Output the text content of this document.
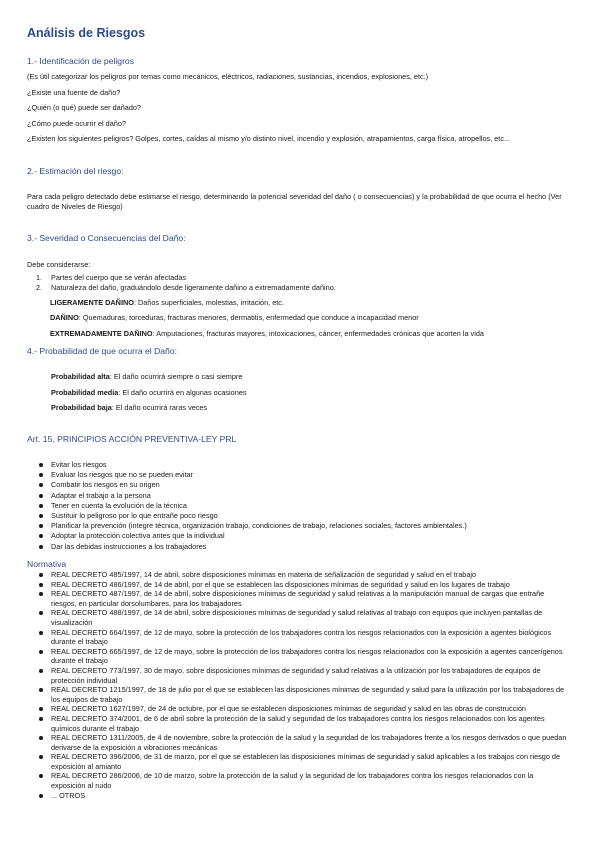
Análisis de Riesgos
1.- Identificación de peligros
(Es útil categorizar los peligros por temas como mecánicos, eléctricos, radiaciones, sustancias, incendios, explosiones, etc.)
¿Existe una fuente de daño?
¿Quién (o qué) puede ser dañado?
¿Cómo puede ocurrir el daño?
¿Existen los siguientes peligros? Golpes, cortes, caídas al mismo y/o distinto nivel, incendio y explosión, atrapamientos, carga física, atropellos, etc...
2.- Estimación del riesgo:
Para cada peligro detectado debe estimarse el riesgo, determinando la potencial severidad del daño ( o consecuencias) y la probabilidad de que ocurra el hecho (Ver cuadro de Niveles de Riesgo)
3.- Severidad o Consecuencias del Daño:
Debe considerarse:
1.	Partes del cuerpo que se verán afectadas
2.	Naturaleza del daño, graduándolo desde ligeramente dañino a extremadamente dañino.
LIGERAMENTE DAÑINO: Daños superficiales, molestias, irritación, etc.
DAÑINO: Quemaduras, torceduras, fracturas menores, dermatitis, enfermedad que conduce a incapacidad menor
EXTREMADAMENTE DAÑINO: Amputaciones, fracturas mayores, intoxicaciones, cáncer, enfermedades crónicas que acorten la vida
4.- Probabilidad de que ocurra el Daño:
Probabilidad alta: El daño ocurrirá siempre o casi siempre
Probabilidad media: El daño ocurrirá en algunas ocasiones
Probabilidad baja: El daño ocurrirá raras veces
Art. 15. PRINCIPIOS ACCIÓN PREVENTIVA-LEY PRL
Evitar los riesgos
Evaluar los riesgos que no se pueden evitar
Combatir los riesgos en su origen
Adaptar el trabajo a la persona
Tener en cuenta la evolución de la técnica
Sustituir lo peligroso por lo que entrañe poco riesgo
Planificar la prevención (integre técnica, organización trabajo, condiciones de trabajo, relaciones sociales, factores ambientales.)
Adoptar la protección colectiva antes que la individual
Dar las debidas instrucciones a los trabajadores
Normativa
REAL DECRETO 485/1997, 14 de abril, sobre disposiciones mínimas en materia de señalización de seguridad y salud en el trabajo
REAL DECRETO 486/1997, de 14 de abril, por el que se establecen las disposiciones mínimas de seguridad y salud en los lugares de trabajo
REAL DECRETO 487/1997, de 14 de abril, sobre disposiciones mínimas de seguridad y salud relativas a la manipulación manual de cargas que entrañe riesgos, en particular dorsolumbares, para los trabajadores
REAL DECRETO 488/1997, de 14 de abril, sobre disposiciones mínimas de seguridad y salud relativas al trabajo con equipos que incluyen pantallas de visualización
REAL DECRETO 664/1997, de 12 de mayo, sobre la protección de los trabajadores contra los riesgos relacionados con la exposición a agentes biológicos durante el trabajo
REAL DECRETO 665/1997, de 12 de mayo, sobre la protección de los trabajadores contra los riesgos relacionados con la exposición a agentes cancerígenos durante el trabajo
REAL DECRETO 773/1997, 30 de mayo, sobre disposiciones mínimas de seguridad y salud relativas a la utilización por los trabajadores de equipos de protección individual
REAL DECRETO 1215/1997, de 18 de julio por el que se establecen las disposiciones mínimas de seguridad y salud para la utilización por los trabajadores de los equipos de trabajo
REAL DECRETO 1627/1997, de 24 de octubre, por el que se establecen disposiciones mínimas de seguridad y salud en las obras de construcción
REAL DECRETO 374/2001, de 6 de abril sobre la protección de la salud y seguridad de los trabajadores contra los riesgos relacionados con los agentes químicos durante el trabajo
REAL DECRETO 1311/2005, de 4 de noviembre, sobre la protección de la salud y la seguridad de los trabajadores frente a los riesgos derivados o que puedan derivarse de la exposición a vibraciones mecánicas
REAL DECRETO 396/2006, de 31 de marzo, por el que se establecen las disposiciones mínimas de seguridad y salud aplicables a los trabajos con riesgo de exposición al amianto
REAL DECRETO 286/2006, de 10 de marzo, sobre la protección de la salud y la seguridad de los trabajadores contra los riesgos relacionados con la exposición al ruido
... OTROS
